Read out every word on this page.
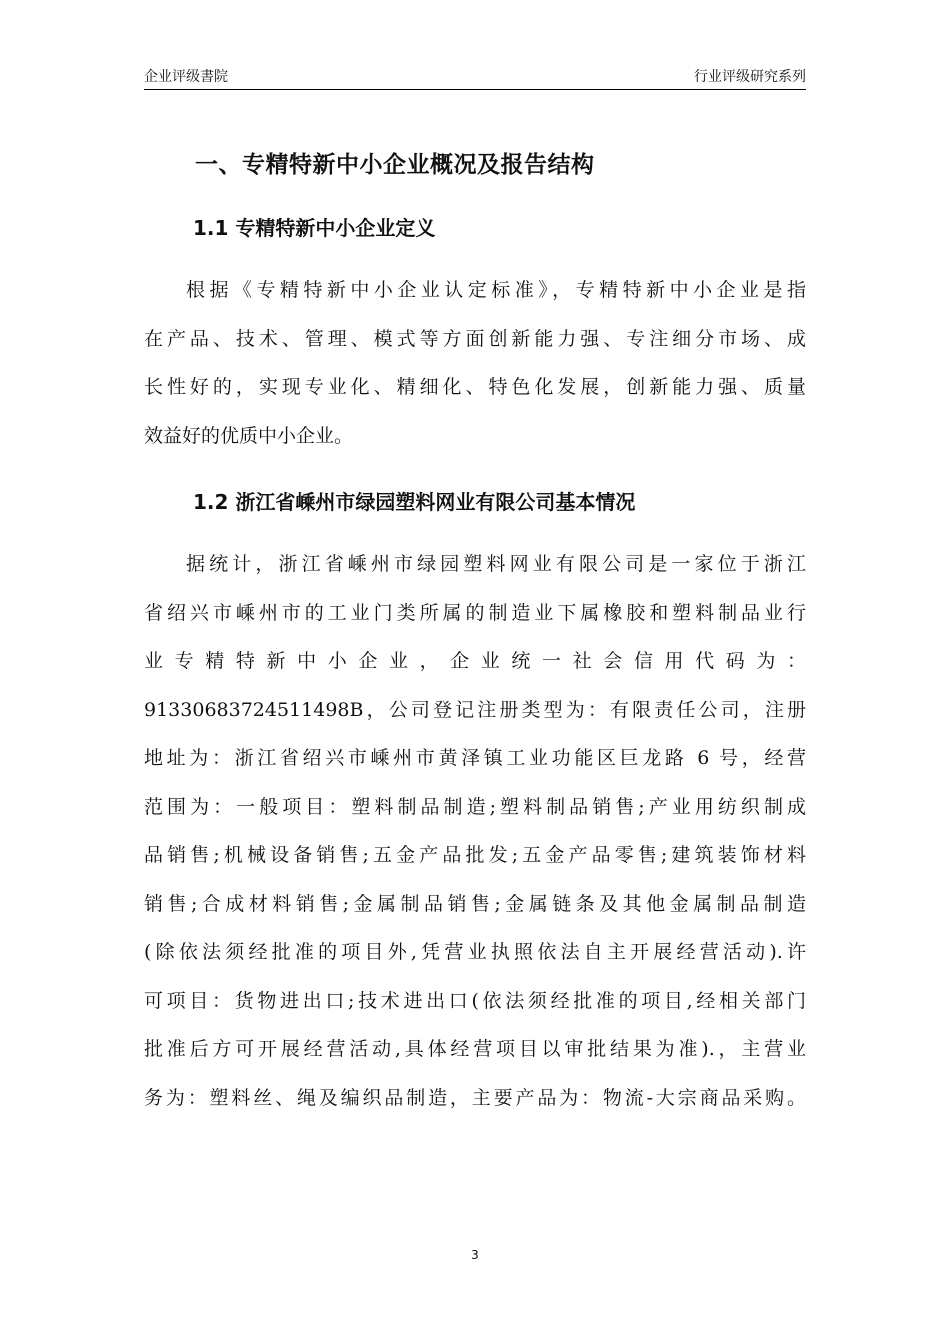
企业评级書院	行业评级研究系列
一、专精特新中小企业概况及报告结构
1.1 专精特新中小企业定义
根据《专精特新中小企业认定标准》，专精特新中小企业是指
在产品、技术、管理、模式等方面创新能力强、专注细分市场、成
长性好的，实现专业化、精细化、特色化发展，创新能力强、质量
效益好的优质中小企业。
1.2 浙江省嵊州市绿园塑料网业有限公司基本情况
据统计，浙江省嵊州市绿园塑料网业有限公司是一家位于浙江
省绍兴市嵊州市的工业门类所属的制造业下属橡胶和塑料制品业行
业专精特新中小企业，企业统一社会信用代码为：
91330683724511498B，公司登记注册类型为：有限责任公司，注册
地址为：浙江省绍兴市嵊州市黄泽镇工业功能区巨龙路 6 号，经营
范围为：一般项目：塑料制品制造;塑料制品销售;产业用纺织制成
品销售;机械设备销售;五金产品批发;五金产品零售;建筑装饰材料
销售;合成材料销售;金属制品销售;金属链条及其他金属制品制造
(除依法须经批准的项目外,凭营业执照依法自主开展经营活动).许
可项目：货物进出口;技术进出口(依法须经批准的项目,经相关部门
批准后方可开展经营活动,具体经营项目以审批结果为准).，主营业
务为：塑料丝、绳及编织品制造，主要产品为：物流-大宗商品采购。
3
